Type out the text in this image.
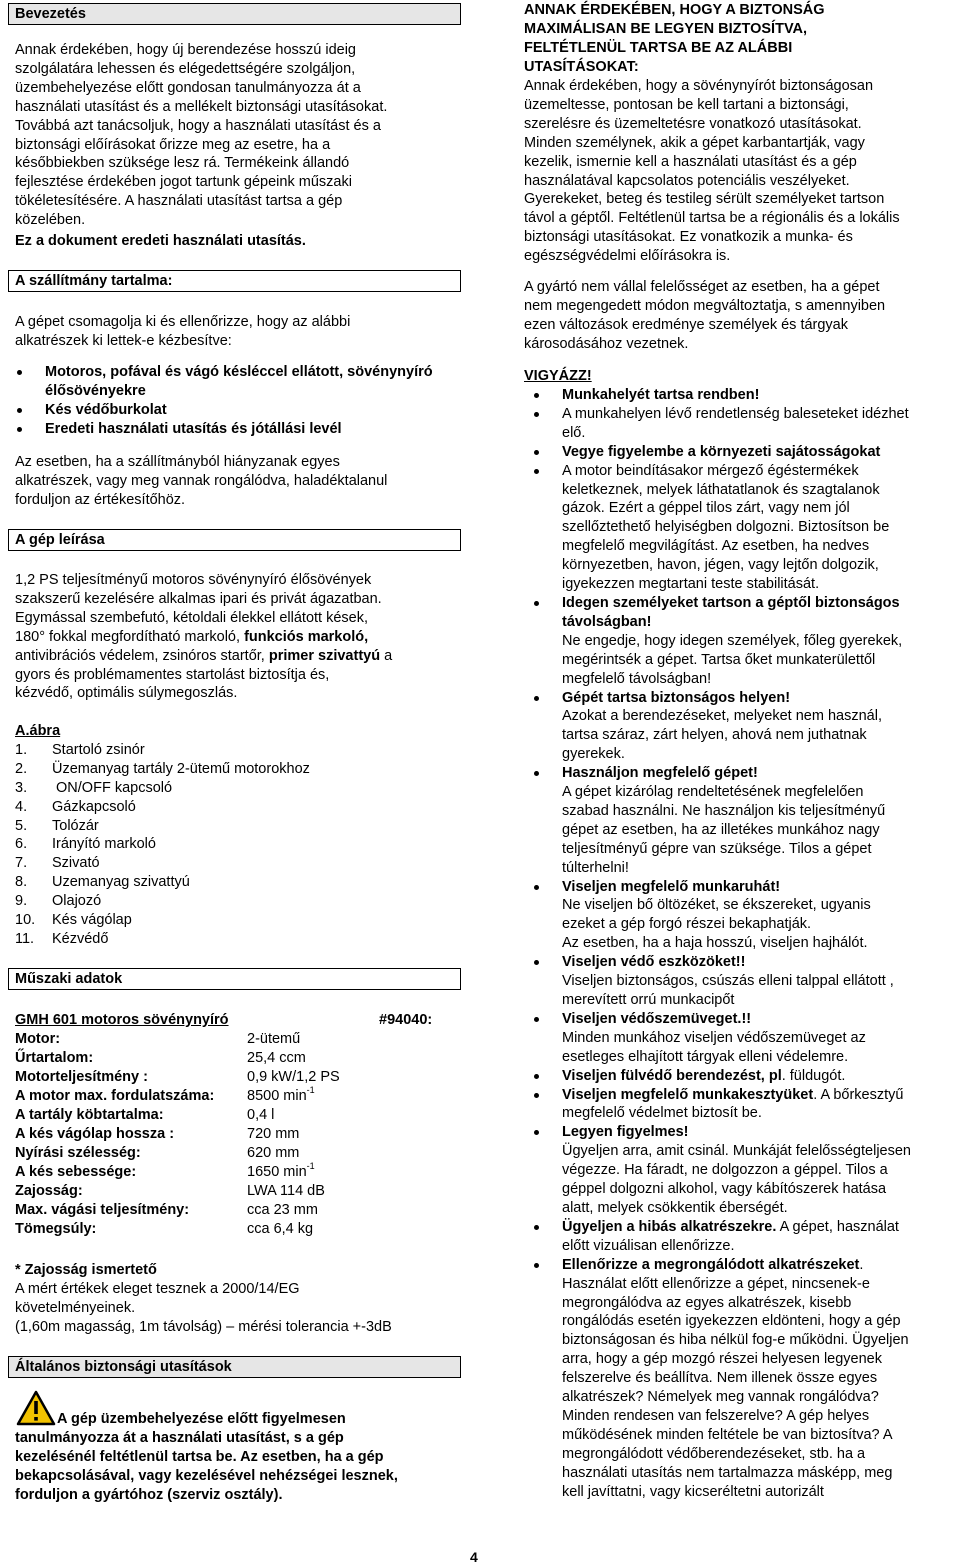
Bevezetés
Annak érdekében, hogy új berendezése hosszú ideig
szolgálatára lehessen és elégedettségére szolgáljon,
üzembehelyezése előtt gondosan tanulmányozza át a
használati utasítást és a mellékelt biztonsági utasításokat.
Továbbá azt tanácsoljuk, hogy a használati utasítást és a
biztonsági előírásokat őrizze meg az esetre, ha a
későbbiekben szüksége lesz rá. Termékeink állandó
fejlesztése érdekében jogot tartunk gépeink műszaki
tökéletesítésére. A használati utasítást tartsa a gép
közelében.
Ez a dokument eredeti használati utasítás.
A szállítmány tartalma:
A gépet csomagolja ki és ellenőrizze, hogy az alábbi
alkatrészek ki lettek-e kézbesítve:
Motoros, pofával és vágó késléccel ellátott, sövénynyíró élősövényekre
Kés védőburkolat
Eredeti használati utasítás és jótállási levél
Az esetben, ha a szállítmányból hiányzanak egyes
alkatrészek, vagy meg vannak rongálódva, haladéktalanul
forduljon az értékesítőhöz.
A gép leírása
1,2 PS teljesítményű motoros sövénynyíró élősövények
szakszerű kezelésére alkalmas ipari és privát ágazatban.
Egymással szembefutó, kétoldali élekkel ellátott kések,
180° fokkal megfordítható markoló, funkciós markoló,
antivibrációs védelem, zsinóros startőr, primer szivattyú a
gyors és problémamentes startolást biztosítja és,
kézvédő, optimális súlymegoszlás.
A.ábra
1. Startoló zsinór
2. Üzemanyag tartály 2-ütemű motorokhoz
3. ON/OFF kapcsoló
4. Gázkapcsoló
5. Tolózár
6. Irányító markoló
7. Szivató
8. Uzemanyag szivattyú
9. Olajozó
10. Kés vágólap
11. Kézvédő
Műszaki adatok
GMH 601 motoros sövénynyíró	#94040:
Motor:	2-ütemű
Űrtartalom:	25,4 ccm
Motorteljesítmény :	0,9 kW/1,2 PS
A motor max. fordulatszáma: 8500 $\min^{-1}$
A tartály köbtartalma:	0,4 l
A kés vágólap hossza :	720 mm
Nyírási szélesség:	620 mm
A kés sebessége:	1650 $\min^{-1}$
Zajosság:	LWA 114 dB
Max. vágási teljesítmény:	cca 23 mm
Tömegsúly:	cca 6,4 kg
* Zajosság ismertető
A mért értékek eleget tesznek a 2000/14/EG
követelményeinek.
(1,60m magasság, 1m távolság) – mérési tolerancia +-3dB
Általános biztonsági utasítások
A gép üzembehelyezése előtt figyelmesen
tanulmányozza át a használati utasítást, s a gép
kezelésénél feltétlenül tartsa be. Az esetben, ha a gép
bekapcsolásával, vagy kezelésével nehézségei lesznek,
forduljon a gyártóhoz (szerviz osztály).
ANNAK ÉRDEKÉBEN, HOGY A BIZTONSÁG
MAXIMÁLISAN BE LEGYEN BIZTOSÍTVA,
FELTÉTLENÜL TARTSA BE AZ ALÁBBI
UTASÍTÁSOKAT:
Annak érdekében, hogy a sövénynyírót biztonságosan
üzemeltesse, pontosan be kell tartani a biztonsági,
szerelésre és üzemeltetésre vonatkozó utasításokat.
Minden személynek, akik a gépet karbantartják, vagy
kezelik, ismernie kell a használati utasítást és a gép
használatával kapcsolatos potenciális veszélyeket.
Gyerekeket, beteg és testileg sérült személyeket tartson
távol a géptől. Feltétlenül tartsa be a régionális és a lokális
biztonsági utasításokat. Ez vonatkozik a munka- és
egészségvédelmi előírásokra is.
A gyártó nem vállal felelősséget az esetben, ha a gépet
nem megengedett módon megváltoztatja, s amennyiben
ezen változások eredménye személyek és tárgyak
károsodásához vezetnek.
VIGYÁZZ!
Munkahelyét tartsa rendben!
A munkahelyen lévő rendetlenség baleseteket idézhet
elő.
Vegye figyelembe a környezeti sajátosságokat
A motor beindításakor mérgező égéstermékek
keletkeznek, melyek láthatatlanok és szagtalanok
gázok. Ezért a géppel tilos zárt, vagy nem jól
szellőztethető helyiségben dolgozni. Biztosítson be
megfelelő megvilágítást. Az esetben, ha nedves
környezetben, havon, jégen, vagy lejtőn dolgozik,
igyekezzen megtartani teste stabilitását.
Idegen személyeket tartson a géptől biztonságos
távolságban!
Ne engedje, hogy idegen személyek, főleg gyerekek,
megérintsék a gépet. Tartsa őket munkaterülettől
megfelelő távolságban!
Gépét tartsa biztonságos helyen!
Azokat a berendezéseket, melyeket nem használ,
tartsa száraz, zárt helyen, ahová nem juthatnak
gyerekek.
Használjon megfelelő gépet!
A gépet kizárólag rendeltetésének megfelelően
szabad használni. Ne használjon kis teljesítményű
gépet az esetben, ha az illetékes munkához nagy
teljesítményű gépre van szüksége. Tilos a gépet
túlterhelni!
Viseljen megfelelő munkaruhát!
Ne viseljen bő öltözéket, se ékszereket, ugyanis
ezeket a gép forgó részei bekaphatják.
Az esetben, ha a haja hosszú, viseljen hajhálót.
Viseljen védő eszközöket!!
Viseljen biztonságos, csúszás elleni talppal ellátott ,
merevített orrú munkacipőt
Viseljen védőszemüveget.!!
Minden munkához viseljen védőszemüveget az
esetleges elhajított tárgyak elleni védelemre.
Viseljen fülvédő berendezést, pl. füldugót.
Viseljen megfelelő munkakesztyüket. A bőrkesztyű
megfelelő védelmet biztosít be.
Legyen figyelmes!
Ügyeljen arra, amit csinál. Munkáját felelősségteljesen
végezze. Ha fáradt, ne dolgozzon a géppel. Tilos a
géppel dolgozni alkohol, vagy kábítószerek hatása
alatt, melyek csökkentik éberségét.
Ügyeljen a hibás alkatrészekre. A gépet, használat
előtt vizuálisan ellenőrizze.
Ellenőrizze a megrongálódott alkatrészeket.
Használat előtt ellenőrizze a gépet, nincsenek-e
megrongálódva az egyes alkatrészek, kisebb
rongálódás esetén igyekezzen eldönteni, hogy a gép
biztonságosan és hiba nélkül fog-e működni. Ügyeljen
arra, hogy a gép mozgó részei helyesen legyenek
felszerelve és beállítva. Nem illenek össze egyes
alkatrészek? Némelyek meg vannak rongálódva?
Minden rendesen van felszerelve? A gép helyes
működésének minden feltétele be van biztosítva? A
megrongálódott védőberendezéseket, stb. ha a
használati utasítás nem tartalmazza másképp, meg
kell javíttatni, vagy kicseréltetni autorizált
4
